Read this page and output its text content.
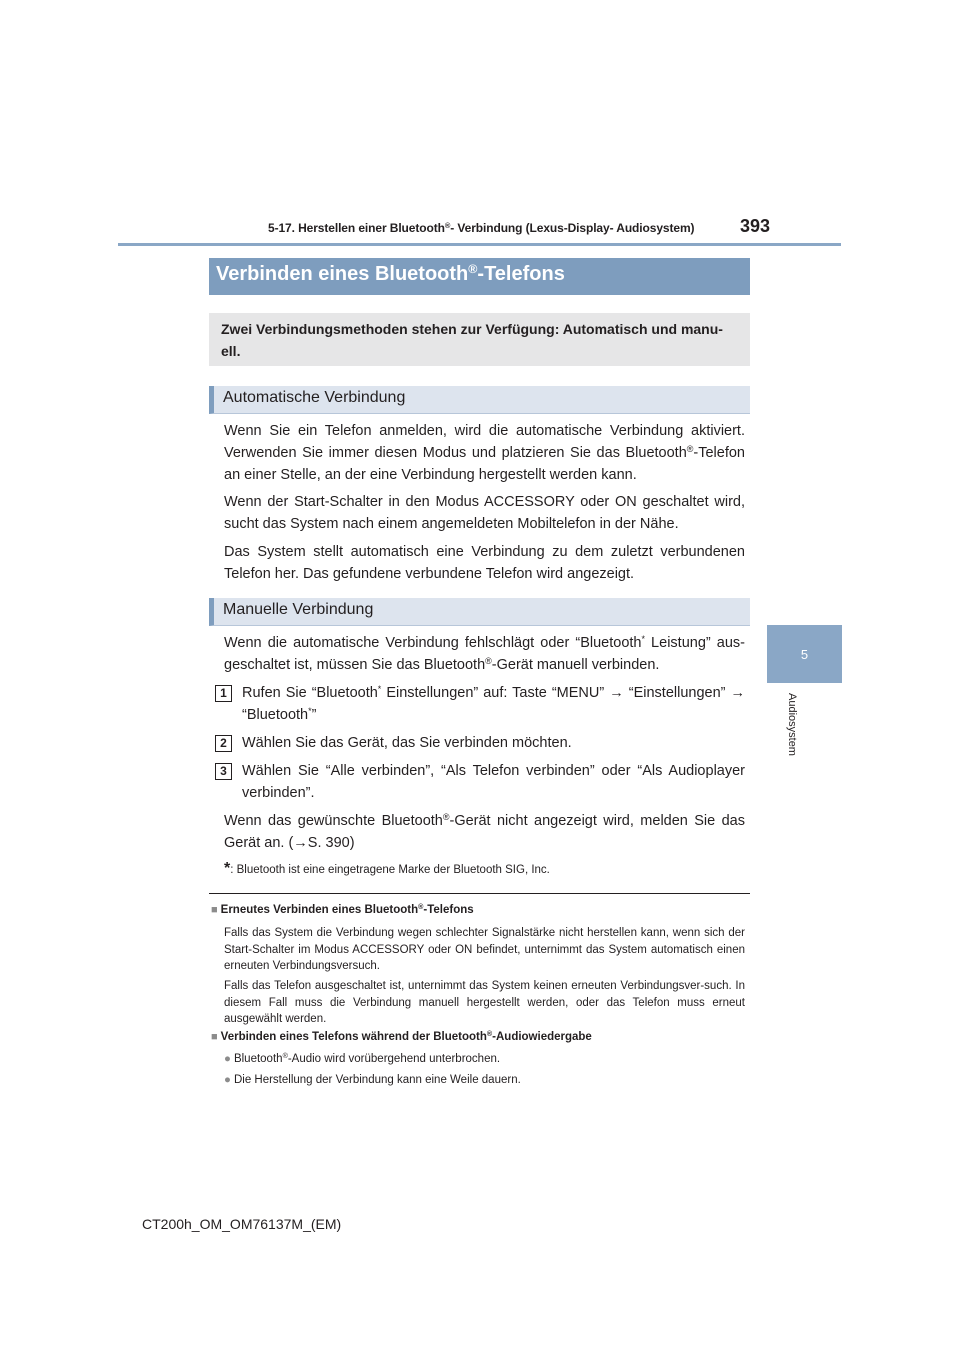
5-17. Herstellen einer Bluetooth®- Verbindung (Lexus-Display- Audiosystem)	393
5
Audiosystem
Verbinden eines Bluetooth®-Telefons
Zwei Verbindungsmethoden stehen zur Verfügung: Automatisch und manu-ell.
Automatische Verbindung
Wenn Sie ein Telefon anmelden, wird die automatische Verbindung aktiviert. Verwenden Sie immer diesen Modus und platzieren Sie das Bluetooth®-Telefon an einer Stelle, an der eine Verbindung hergestellt werden kann.
Wenn der Start-Schalter in den Modus ACCESSORY oder ON geschaltet wird, sucht das System nach einem angemeldeten Mobiltelefon in der Nähe.
Das System stellt automatisch eine Verbindung zu dem zuletzt verbundenen Telefon her. Das gefundene verbundene Telefon wird angezeigt.
Manuelle Verbindung
Wenn die automatische Verbindung fehlschlägt oder “Bluetooth* Leistung” aus-geschaltet ist, müssen Sie das Bluetooth®-Gerät manuell verbinden.
1	Rufen Sie “Bluetooth* Einstellungen” auf: Taste “MENU” → “Einstellungen” → “Bluetooth*”
2	Wählen Sie das Gerät, das Sie verbinden möchten.
3	Wählen Sie “Alle verbinden”, “Als Telefon verbinden” oder “Als Audioplayer verbinden”.
Wenn das gewünschte Bluetooth®-Gerät nicht angezeigt wird, melden Sie das Gerät an. (→S. 390)
*: Bluetooth ist eine eingetragene Marke der Bluetooth SIG, Inc.
■ Erneutes Verbinden eines Bluetooth®-Telefons
Falls das System die Verbindung wegen schlechter Signalstärke nicht herstellen kann, wenn sich der Start-Schalter im Modus ACCESSORY oder ON befindet, unternimmt das System automatisch einen erneuten Verbindungsversuch.
Falls das Telefon ausgeschaltet ist, unternimmt das System keinen erneuten Verbindungsver-such. In diesem Fall muss die Verbindung manuell hergestellt werden, oder das Telefon muss erneut ausgewählt werden.
■ Verbinden eines Telefons während der Bluetooth®-Audiowiedergabe
● Bluetooth®-Audio wird vorübergehend unterbrochen.
● Die Herstellung der Verbindung kann eine Weile dauern.
CT200h_OM_OM76137M_(EM)
